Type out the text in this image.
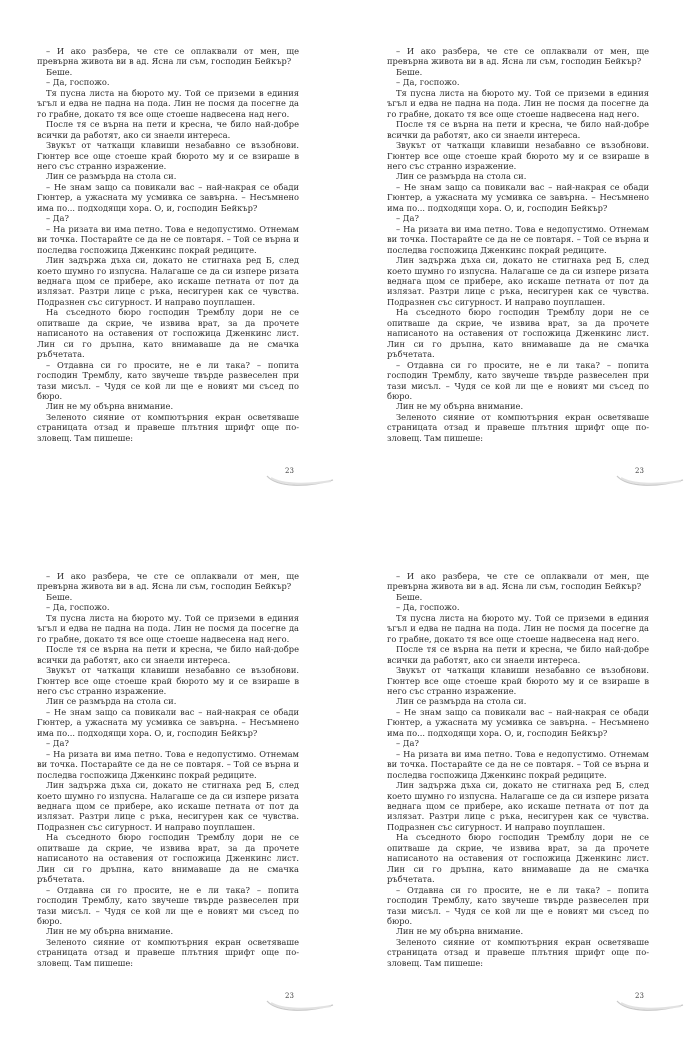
– И ако разбера, че сте се оплаквали от мен, ще превърна живота ви в ад. Ясна ли съм, господин Бейкър?

Беше.

– Да, госпожо.

Тя пусна листа на бюрото му. Той се приземи в единия ъгъл и едва не падна на пода. Лин не посмя да посегне да го грабне, докато тя все още стоеше надвесена над него.

После тя се върна на пети и кресна, че било най-добре всички да работят, ако си знаели интереса.

Звукът от чаткащи клавиши незабавно се възобнови. Гюнтер все още стоеше край бюрото му и се взираше в него със странно изражение.

Лин се размърда на стола си.

– Не знам защо са повикали вас – най-накрая се обади Гюнтер, а ужасната му усмивка се завърна. – Несъмнено има по... подходящи хора. О, и, господин Бейкър?

– Да?

– На ризата ви има петно. Това е недопустимо. Отнемам ви точка. Постарайте се да не се повтаря. – Той се върна и последва госпожица Дженкинс покрай редиците.

Лин задържа дъха си, докато не стигнаха ред Б, след което шумно го изпусна. Налагаше се да си изпере ризата веднага щом се прибере, ако искаше петната от пот да излязат. Разтри лице с ръка, несигурен как се чувства. Подразнен със сигурност. И направо поуплашен.

На съседното бюро господин Тремблу дори не се опитваше да скрие, че извива врат, за да прочете написаното на оставения от госпожица Дженкинс лист. Лин си го дръпна, като внимаваше да не смачка ръбчетата.

– Отдавна си го просите, не е ли така? – попита господин Тремблу, като звучеше твърде развеселен при тази мисъл. – Чудя се кой ли ще е новият ми съсед по бюро.

Лин не му обърна внимание.

Зеленото сияние от компютърния екран осветяваше страницата отзад и правеше плътния шрифт още по-зловещ. Там пишеше:

23

– И ако разбера, че сте се оплаквали от мен, ще превърна живота ви в ад. Ясна ли съм, господин Бейкър?

Беше.

– Да, госпожо.

Тя пусна листа на бюрото му. Той се приземи в единия ъгъл и едва не падна на пода. Лин не посмя да посегне да го грабне, докато тя все още стоеше надвесена над него.

После тя се върна на пети и кресна, че било най-добре всички да работят, ако си знаели интереса.

Звукът от чаткащи клавиши незабавно се възобнови. Гюнтер все още стоеше край бюрото му и се взираше в него със странно изражение.

Лин се размърда на стола си.

– Не знам защо са повикали вас – най-накрая се обади Гюнтер, а ужасната му усмивка се завърна. – Несъмнено има по... подходящи хора. О, и, господин Бейкър?

– Да?

– На ризата ви има петно. Това е недопустимо. Отнемам ви точка. Постарайте се да не се повтаря. – Той се върна и последва госпожица Дженкинс покрай редиците.

Лин задържа дъха си, докато не стигнаха ред Б, след което шумно го изпусна. Налагаше се да си изпере ризата веднага щом се прибере, ако искаше петната от пот да излязат. Разтри лице с ръка, несигурен как се чувства. Подразнен със сигурност. И направо поуплашен.

На съседното бюро господин Тремблу дори не се опитваше да скрие, че извива врат, за да прочете написаното на оставения от госпожица Дженкинс лист. Лин си го дръпна, като внимаваше да не смачка ръбчетата.

– Отдавна си го просите, не е ли така? – попита господин Тремблу, като звучеше твърде развеселен при тази мисъл. – Чудя се кой ли ще е новият ми съсед по бюро.

Лин не му обърна внимание.

Зеленото сияние от компютърния екран осветяваше страницата отзад и правеше плътния шрифт още по-зловещ. Там пишеше:

23

– И ако разбера, че сте се оплаквали от мен, ще превърна живота ви в ад. Ясна ли съм, господин Бейкър?

Беше.

– Да, госпожо.

Тя пусна листа на бюрото му. Той се приземи в единия ъгъл и едва не падна на пода. Лин не посмя да посегне да го грабне, докато тя все още стоеше надвесена над него.

После тя се върна на пети и кресна, че било най-добре всички да работят, ако си знаели интереса.

Звукът от чаткащи клавиши незабавно се възобнови. Гюнтер все още стоеше край бюрото му и се взираше в него със странно изражение.

Лин се размърда на стола си.

– Не знам защо са повикали вас – най-накрая се обади Гюнтер, а ужасната му усмивка се завърна. – Несъмнено има по... подходящи хора. О, и, господин Бейкър?

– Да?

– На ризата ви има петно. Това е недопустимо. Отнемам ви точка. Постарайте се да не се повтаря. – Той се върна и последва госпожица Дженкинс покрай редиците.

Лин задържа дъха си, докато не стигнаха ред Б, след което шумно го изпусна. Налагаше се да си изпере ризата веднага щом се прибере, ако искаше петната от пот да излязат. Разтри лице с ръка, несигурен как се чувства. Подразнен със сигурност. И направо поуплашен.

На съседното бюро господин Тремблу дори не се опитваше да скрие, че извива врат, за да прочете написаното на оставения от госпожица Дженкинс лист. Лин си го дръпна, като внимаваше да не смачка ръбчетата.

– Отдавна си го просите, не е ли така? – попита господин Тремблу, като звучеше твърде развеселен при тази мисъл. – Чудя се кой ли ще е новият ми съсед по бюро.

Лин не му обърна внимание.

Зеленото сияние от компютърния екран осветяваше страницата отзад и правеше плътния шрифт още по-зловещ. Там пишеше:

23

– И ако разбера, че сте се оплаквали от мен, ще превърна живота ви в ад. Ясна ли съм, господин Бейкър?

Беше.

– Да, госпожо.

Тя пусна листа на бюрото му. Той се приземи в единия ъгъл и едва не падна на пода. Лин не посмя да посегне да го грабне, докато тя все още стоеше надвесена над него.

После тя се върна на пети и кресна, че било най-добре всички да работят, ако си знаели интереса.

Звукът от чаткащи клавиши незабавно се възобнови. Гюнтер все още стоеше край бюрото му и се взираше в него със странно изражение.

Лин се размърда на стола си.

– Не знам защо са повикали вас – най-накрая се обади Гюнтер, а ужасната му усмивка се завърна. – Несъмнено има по... подходящи хора. О, и, господин Бейкър?

– Да?

– На ризата ви има петно. Това е недопустимо. Отнемам ви точка. Постарайте се да не се повтаря. – Той се върна и последва госпожица Дженкинс покрай редиците.

Лин задържа дъха си, докато не стигнаха ред Б, след което шумно го изпусна. Налагаше се да си изпере ризата веднага щом се прибере, ако искаше петната от пот да излязат. Разтри лице с ръка, несигурен как се чувства. Подразнен със сигурност. И направо поуплашен.

На съседното бюро господин Тремблу дори не се опитваше да скрие, че извива врат, за да прочете написаното на оставения от госпожица Дженкинс лист. Лин си го дръпна, като внимаваше да не смачка ръбчетата.

– Отдавна си го просите, не е ли така? – попита господин Тремблу, като звучеше твърде развеселен при тази мисъл. – Чудя се кой ли ще е новият ми съсед по бюро.

Лин не му обърна внимание.

Зеленото сияние от компютърния екран осветяваше страницата отзад и правеше плътния шрифт още по-зловещ. Там пишеше:

23
